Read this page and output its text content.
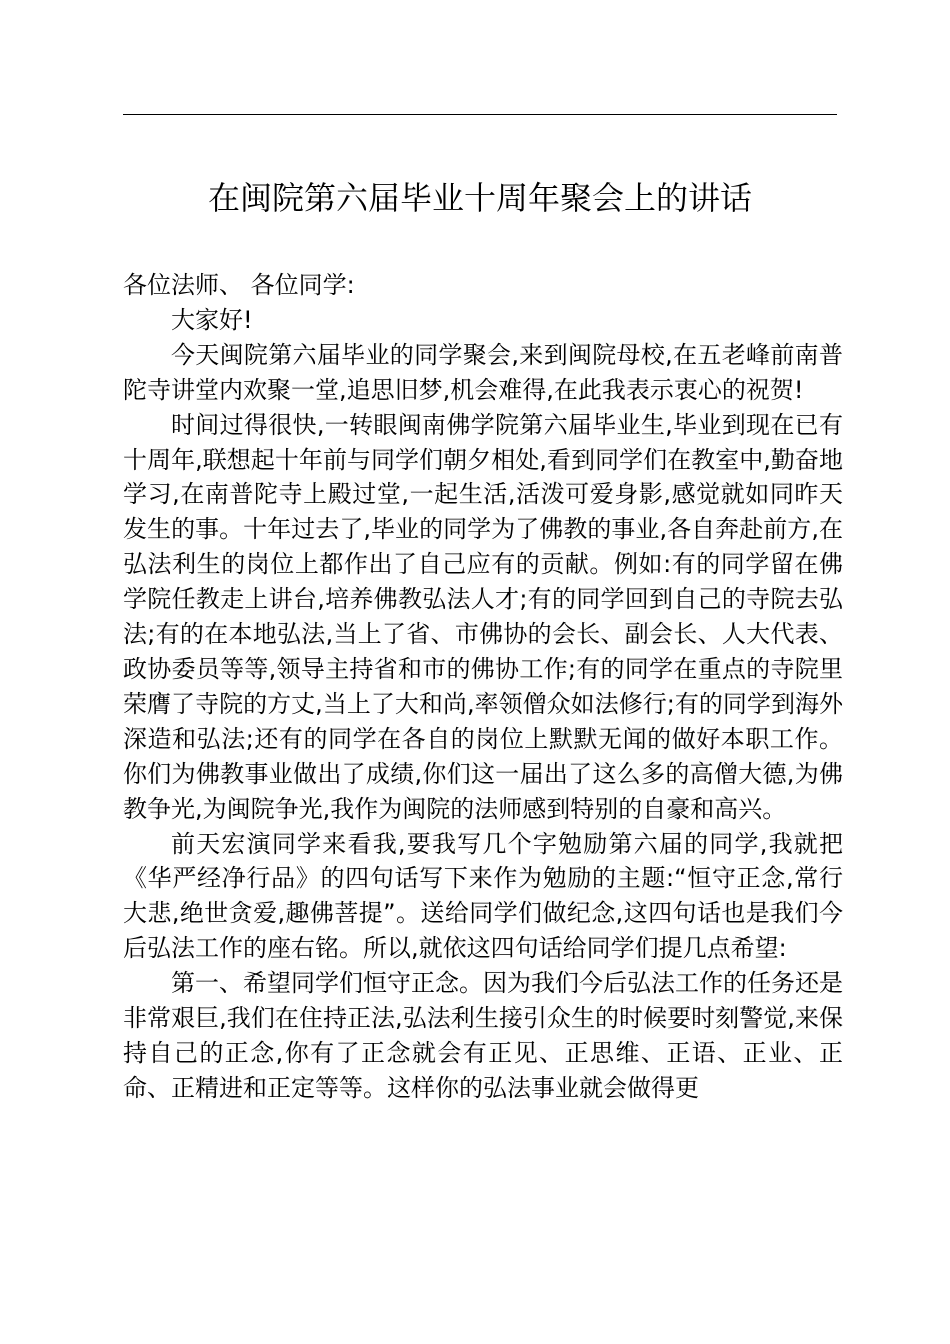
在闽院第六届毕业十周年聚会上的讲话

各位法师、 各位同学:

大家好!

今天闽院第六届毕业的同学聚会,来到闽院母校,在五老峰前南普陀寺讲堂内欢聚一堂,追思旧梦,机会难得,在此我表示衷心的祝贺!

时间过得很快,一转眼闽南佛学院第六届毕业生,毕业到现在已有十周年,联想起十年前与同学们朝夕相处,看到同学们在教室中,勤奋地学习,在南普陀寺上殿过堂,一起生活,活泼可爱身影,感觉就如同昨天发生的事。十年过去了,毕业的同学为了佛教的事业,各自奔赴前方,在弘法利生的岗位上都作出了自己应有的贡献。例如:有的同学留在佛学院任教走上讲台,培养佛教弘法人才;有的同学回到自己的寺院去弘法;有的在本地弘法,当上了省、市佛协的会长、副会长、人大代表、政协委员等等,领导主持省和市的佛协工作;有的同学在重点的寺院里荣膺了寺院的方丈,当上了大和尚,率领僧众如法修行;有的同学到海外深造和弘法;还有的同学在各自的岗位上默默无闻的做好本职工作。你们为佛教事业做出了成绩,你们这一届出了这么多的高僧大德,为佛教争光,为闽院争光,我作为闽院的法师感到特别的自豪和高兴。

前天宏演同学来看我,要我写几个字勉励第六届的同学,我就把《华严经净行品》的四句话写下来作为勉励的主题:“恒守正念,常行大悲,绝世贪爱,趣佛菩提”。送给同学们做纪念,这四句话也是我们今后弘法工作的座右铭。所以,就依这四句话给同学们提几点希望:

第一、希望同学们恒守正念。因为我们今后弘法工作的任务还是非常艰巨,我们在住持正法,弘法利生接引众生的时候要时刻警觉,来保持自己的正念,你有了正念就会有正见、正思维、正语、正业、正命、正精进和正定等等。这样你的弘法事业就会做得更
